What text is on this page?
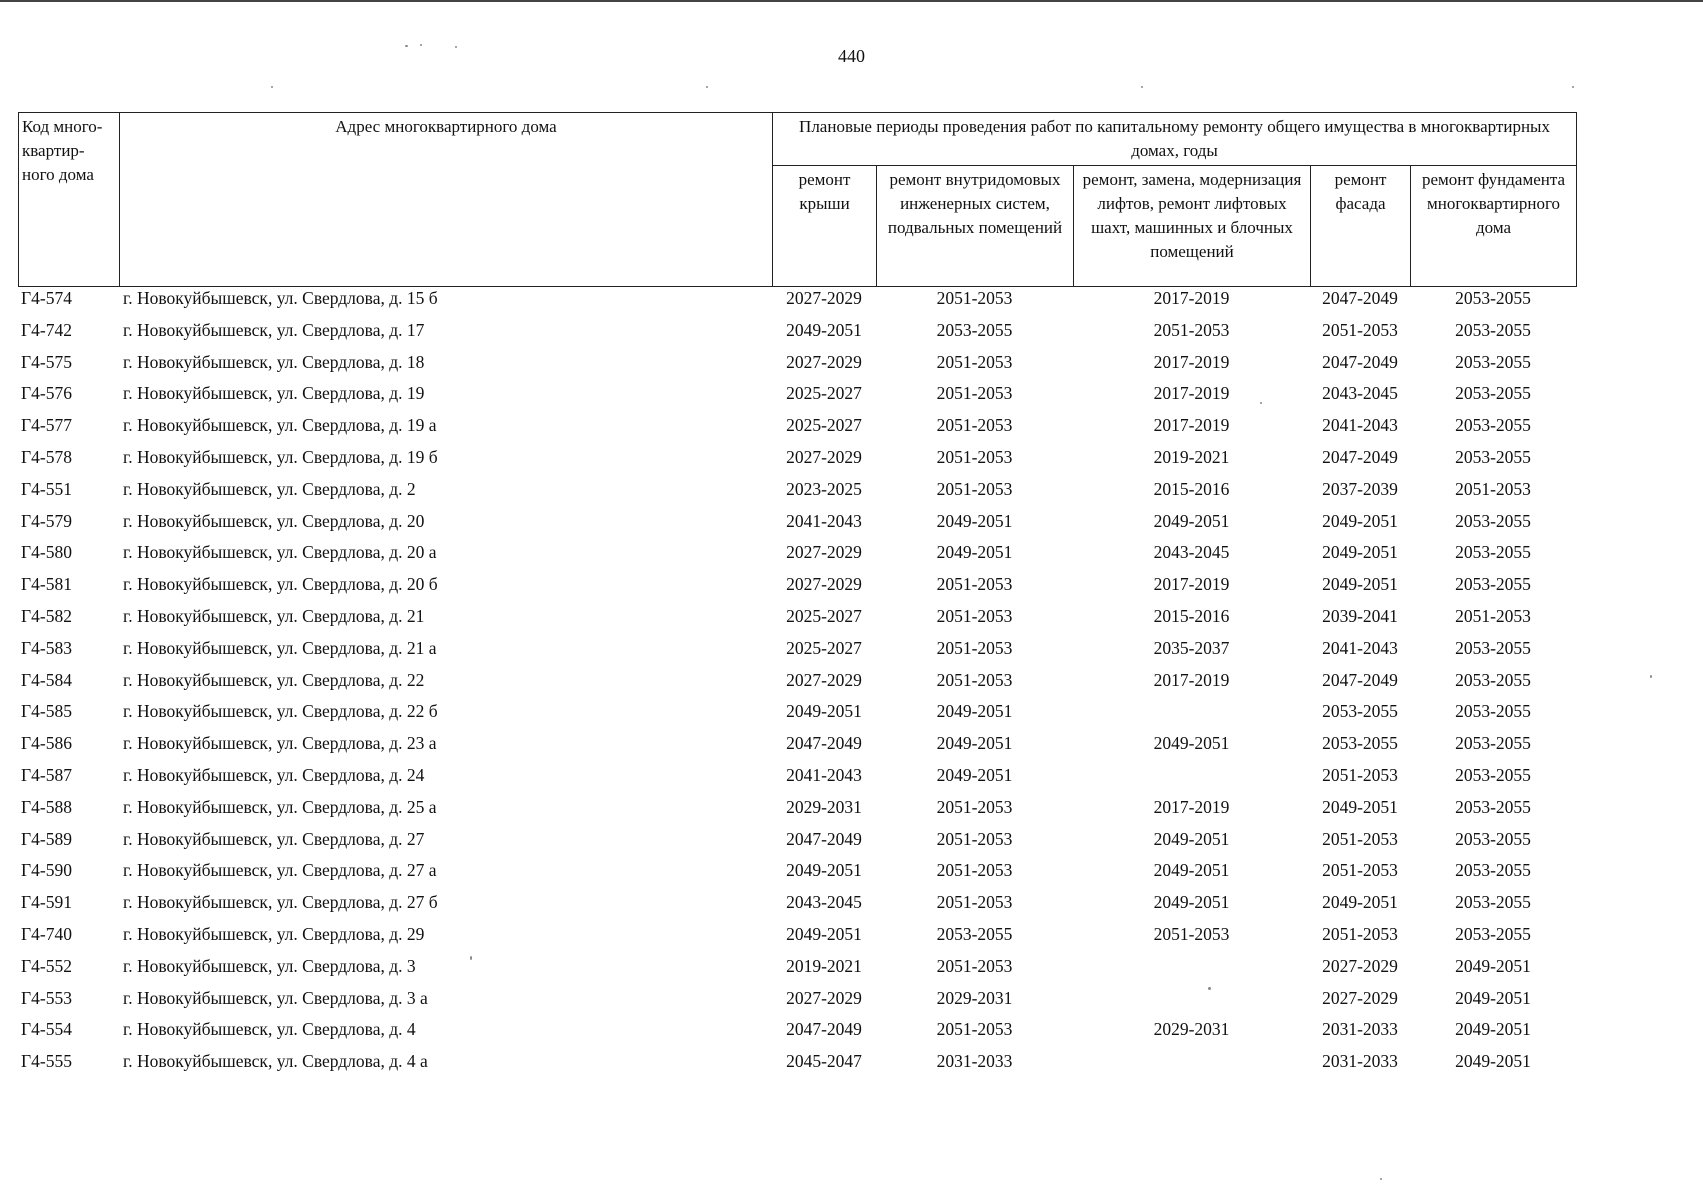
440
Код много-квартир-ного дома	Адрес многоквартирного дома	Плановые периоды проведения работ по капитальному ремонту общего имущества в многоквартирных домах, годы				
		ремонт крыши	ремонт внутридомовых инженерных систем, подвальных помещений	ремонт, замена, модернизация лифтов, ремонт лифтовых шахт, машинных и блочных помещений	ремонт фасада	ремонт фундамента многоквартирного дома
Г4-574	г. Новокуйбышевск, ул. Свердлова, д. 15 б	2027-2029	2051-2053	2017-2019	2047-2049	2053-2055
Г4-742	г. Новокуйбышевск, ул. Свердлова, д. 17	2049-2051	2053-2055	2051-2053	2051-2053	2053-2055
Г4-575	г. Новокуйбышевск, ул. Свердлова, д. 18	2027-2029	2051-2053	2017-2019	2047-2049	2053-2055
Г4-576	г. Новокуйбышевск, ул. Свердлова, д. 19	2025-2027	2051-2053	2017-2019	2043-2045	2053-2055
Г4-577	г. Новокуйбышевск, ул. Свердлова, д. 19 а	2025-2027	2051-2053	2017-2019	2041-2043	2053-2055
Г4-578	г. Новокуйбышевск, ул. Свердлова, д. 19 б	2027-2029	2051-2053	2019-2021	2047-2049	2053-2055
Г4-551	г. Новокуйбышевск, ул. Свердлова, д. 2	2023-2025	2051-2053	2015-2016	2037-2039	2051-2053
Г4-579	г. Новокуйбышевск, ул. Свердлова, д. 20	2041-2043	2049-2051	2049-2051	2049-2051	2053-2055
Г4-580	г. Новокуйбышевск, ул. Свердлова, д. 20 а	2027-2029	2049-2051	2043-2045	2049-2051	2053-2055
Г4-581	г. Новокуйбышевск, ул. Свердлова, д. 20 б	2027-2029	2051-2053	2017-2019	2049-2051	2053-2055
Г4-582	г. Новокуйбышевск, ул. Свердлова, д. 21	2025-2027	2051-2053	2015-2016	2039-2041	2051-2053
Г4-583	г. Новокуйбышевск, ул. Свердлова, д. 21 а	2025-2027	2051-2053	2035-2037	2041-2043	2053-2055
Г4-584	г. Новокуйбышевск, ул. Свердлова, д. 22	2027-2029	2051-2053	2017-2019	2047-2049	2053-2055
Г4-585	г. Новокуйбышевск, ул. Свердлова, д. 22 б	2049-2051	2049-2051		2053-2055	2053-2055
Г4-586	г. Новокуйбышевск, ул. Свердлова, д. 23 а	2047-2049	2049-2051	2049-2051	2053-2055	2053-2055
Г4-587	г. Новокуйбышевск, ул. Свердлова, д. 24	2041-2043	2049-2051		2051-2053	2053-2055
Г4-588	г. Новокуйбышевск, ул. Свердлова, д. 25 а	2029-2031	2051-2053	2017-2019	2049-2051	2053-2055
Г4-589	г. Новокуйбышевск, ул. Свердлова, д. 27	2047-2049	2051-2053	2049-2051	2051-2053	2053-2055
Г4-590	г. Новокуйбышевск, ул. Свердлова, д. 27 а	2049-2051	2051-2053	2049-2051	2051-2053	2053-2055
Г4-591	г. Новокуйбышевск, ул. Свердлова, д. 27 б	2043-2045	2051-2053	2049-2051	2049-2051	2053-2055
Г4-740	г. Новокуйбышевск, ул. Свердлова, д. 29	2049-2051	2053-2055	2051-2053	2051-2053	2053-2055
Г4-552	г. Новокуйбышевск, ул. Свердлова, д. 3	2019-2021	2051-2053		2027-2029	2049-2051
Г4-553	г. Новокуйбышевск, ул. Свердлова, д. 3 а	2027-2029	2029-2031		2027-2029	2049-2051
Г4-554	г. Новокуйбышевск, ул. Свердлова, д. 4	2047-2049	2051-2053	2029-2031	2031-2033	2049-2051
Г4-555	г. Новокуйбышевск, ул. Свердлова, д. 4 а	2045-2047	2031-2033		2031-2033	2049-2051
